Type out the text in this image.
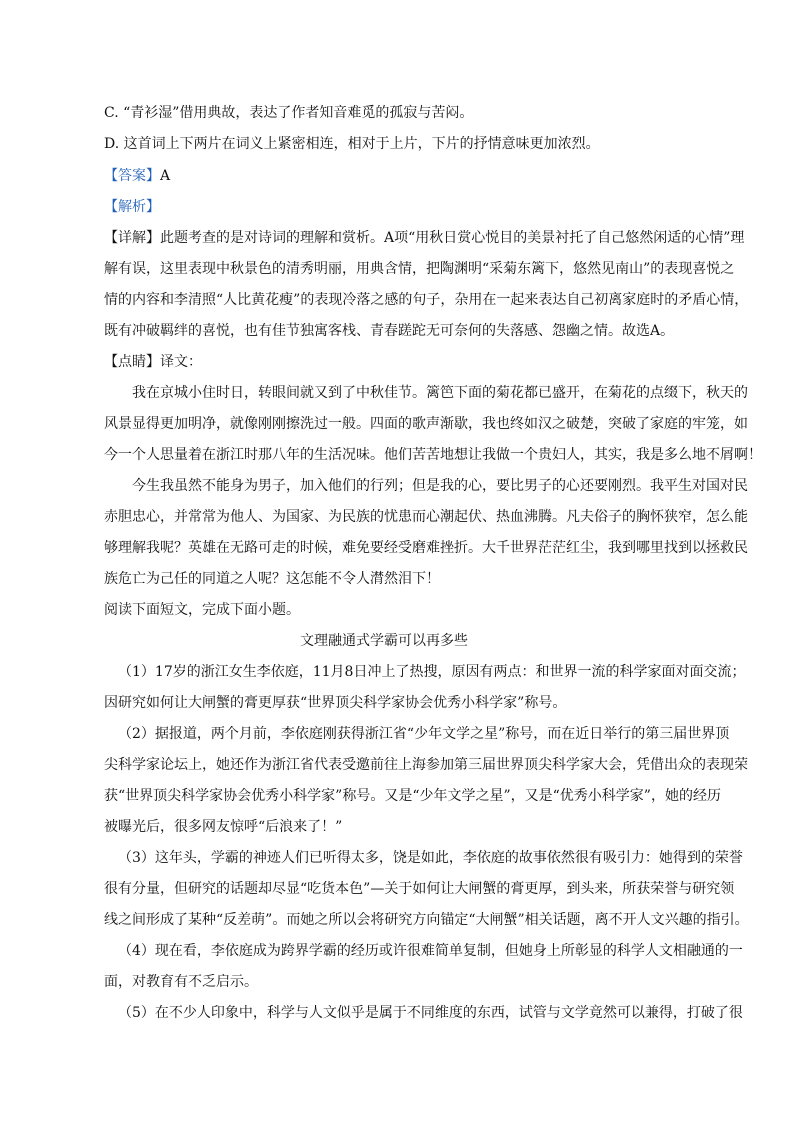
C. “青衫湿”借用典故，表达了作者知音难觅的孤寂与苦闷。
D. 这首词上下两片在词义上紧密相连，相对于上片，下片的抒情意味更加浓烈。
【答案】A
【解析】
【详解】此题考查的是对诗词的理解和赏析。A项“用秋日赏心悦目的美景衬托了自己悠然闲适的心情”理
解有误，这里表现中秋景色的清秀明丽，用典含情，把陶渊明“采菊东篱下，悠然见南山”的表现喜悦之
情的内容和李清照“人比黄花瘦”的表现冷落之感的句子，杂用在一起来表达自己初离家庭时的矛盾心情，
既有冲破羁绊的喜悦，也有佳节独寓客栈、青春蹉跎无可奈何的失落感、怨幽之情。故选A。
【点睛】译文：
我在京城小住时日，转眼间就又到了中秋佳节。篱笆下面的菊花都已盛开，在菊花的点缀下，秋天的
风景显得更加明净，就像刚刚擦洗过一般。四面的歌声渐歇，我也终如汉之破楚，突破了家庭的牢笼，如
今一个人思量着在浙江时那八年的生活况味。他们苦苦地想让我做一个贵妇人，其实，我是多么地不屑啊！
今生我虽然不能身为男子，加入他们的行列；但是我的心，要比男子的心还要刚烈。我平生对国对民
赤胆忠心，并常常为他人、为国家、为民族的忧患而心潮起伏、热血沸腾。凡夫俗子的胸怀狭窄，怎么能
够理解我呢？英雄在无路可走的时候，难免要经受磨难挫折。大千世界茫茫红尘，我到哪里找到以拯救民
族危亡为己任的同道之人呢？这怎能不令人潸然泪下！
阅读下面短文，完成下面小题。
文理融通式学霸可以再多些
（1）17岁的浙江女生李依庭，11月8日冲上了热搜，原因有两点：和世界一流的科学家面对面交流；
因研究如何让大闸蟹的膏更厚获“世界顶尖科学家协会优秀小科学家”称号。
（2）据报道，两个月前，李依庭刚获得浙江省“少年文学之星”称号，而在近日举行的第三届世界顶
尖科学家论坛上，她还作为浙江省代表受邀前往上海参加第三届世界顶尖科学家大会，凭借出众的表现荣
获“世界顶尖科学家协会优秀小科学家”称号。又是“少年文学之星”，又是“优秀小科学家”，她的经历
被曝光后，很多网友惊呼“后浪来了！”
（3）这年头，学霸的神迹人们已听得太多，饶是如此，李依庭的故事依然很有吸引力：她得到的荣誉
很有分量，但研究的话题却尽显“吃货本色”—关于如何让大闸蟹的膏更厚，到头来，所获荣誉与研究领
线之间形成了某种“反差萌”。而她之所以会将研究方向锚定“大闸蟹”相关话题，离不开人文兴趣的指引。
（4）现在看，李依庭成为跨界学霸的经历或许很难简单复制，但她身上所彰显的科学人文相融通的一
面，对教育有不乏启示。
（5）在不少人印象中，科学与人文似乎是属于不同维度的东西，试管与文学竟然可以兼得，打破了很
